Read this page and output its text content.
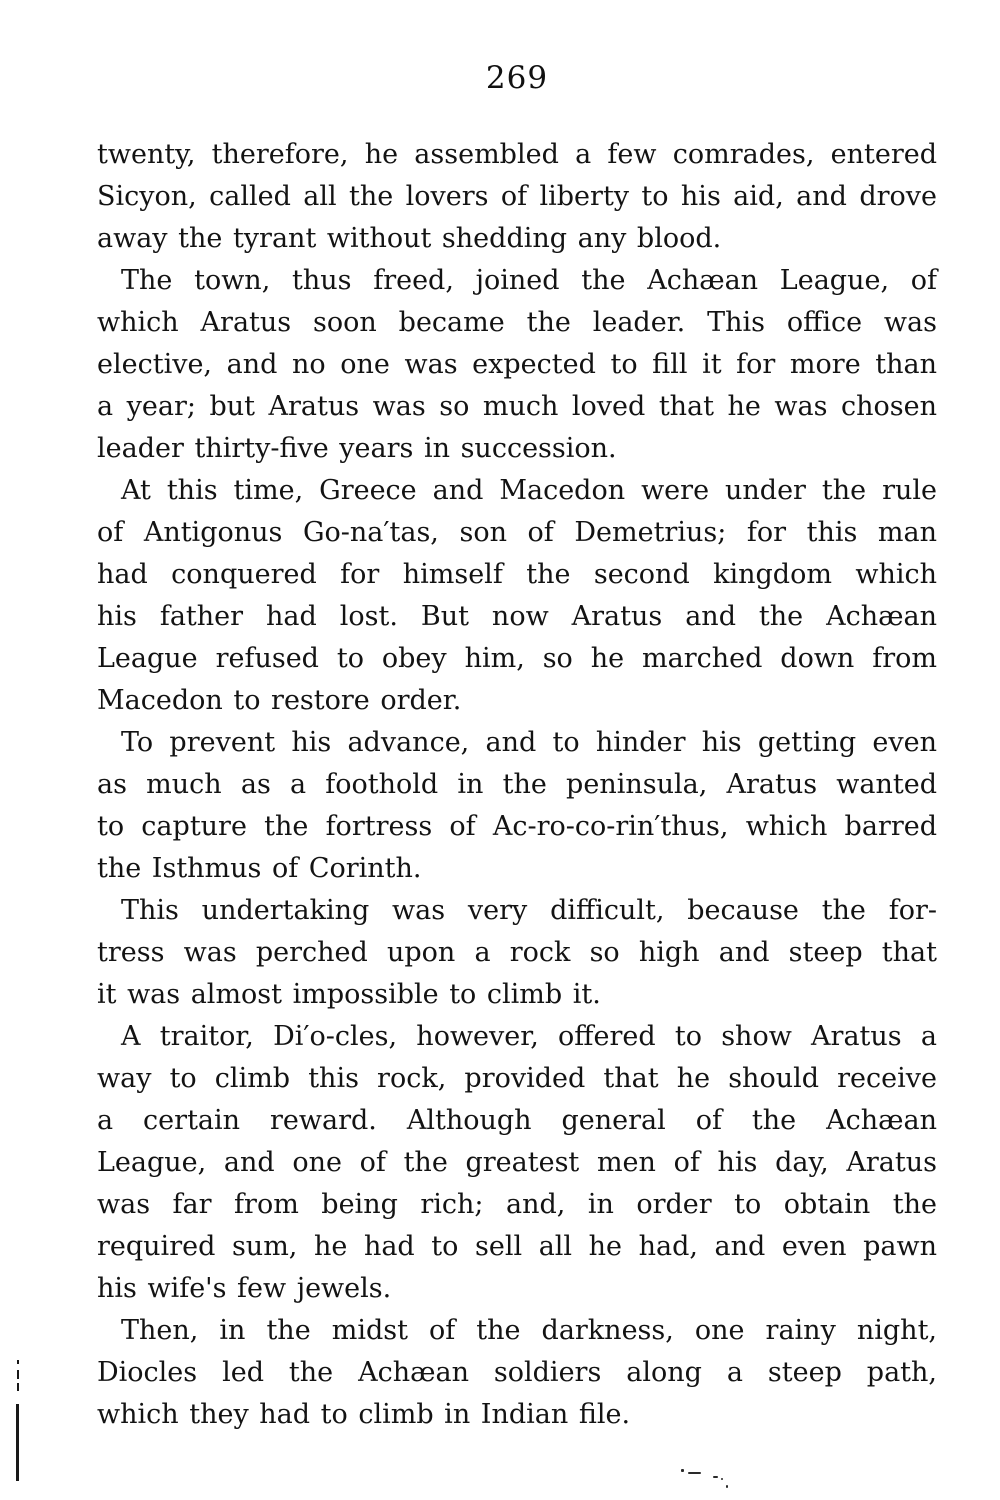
269
twenty, therefore, he assembled a few comrades, entered
Sicyon, called all the lovers of liberty to his aid, and drove
away the tyrant without shedding any blood.
The town, thus freed, joined the Achæan League, of
which Aratus soon became the leader. This office was
elective, and no one was expected to fill it for more than
a year; but Aratus was so much loved that he was chosen
leader thirty-five years in succession.
At this time, Greece and Macedon were under the rule
of Antigonus Go-na′tas, son of Demetrius; for this man
had conquered for himself the second kingdom which
his father had lost. But now Aratus and the Achæan
League refused to obey him, so he marched down from
Macedon to restore order.
To prevent his advance, and to hinder his getting even
as much as a foothold in the peninsula, Aratus wanted
to capture the fortress of Ac-ro-co-rin′thus, which barred
the Isthmus of Corinth.
This undertaking was very difficult, because the for-
tress was perched upon a rock so high and steep that
it was almost impossible to climb it.
A traitor, Di′o-cles, however, offered to show Aratus a
way to climb this rock, provided that he should receive
a certain reward. Although general of the Achæan
League, and one of the greatest men of his day, Aratus
was far from being rich; and, in order to obtain the
required sum, he had to sell all he had, and even pawn
his wife's few jewels.
Then, in the midst of the darkness, one rainy night,
Diocles led the Achæan soldiers along a steep path,
which they had to climb in Indian file.
